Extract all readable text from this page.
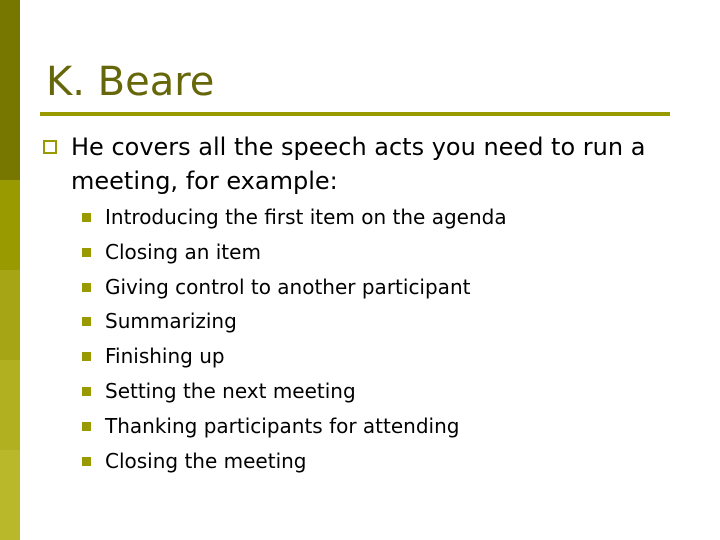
K. Beare
He covers all the speech acts you need to run a meeting, for example:
Introducing the first item on the agenda
Closing an item
Giving control to another participant
Summarizing
Finishing up
Setting the next meeting
Thanking participants for attending
Closing the meeting
